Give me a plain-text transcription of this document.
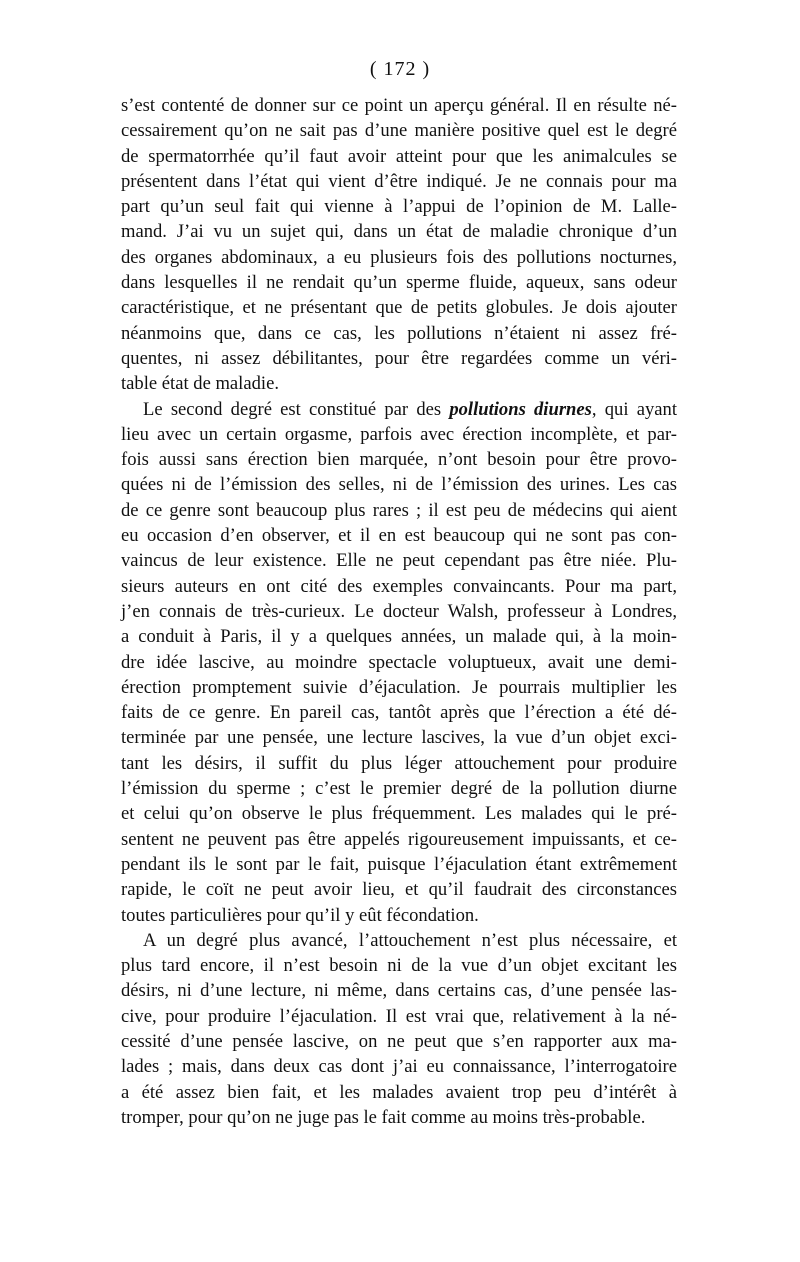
( 172 )
s’est contenté de donner sur ce point un aperçu général. Il en résulte né-
cessairement qu’on ne sait pas d’une manière positive quel est le degré
de spermatorrhée qu’il faut avoir atteint pour que les animalcules se
présentent dans l’état qui vient d’être indiqué. Je ne connais pour ma
part qu’un seul fait qui vienne à l’appui de l’opinion de M. Lalle-
mand. J’ai vu un sujet qui, dans un état de maladie chronique d’un
des organes abdominaux, a eu plusieurs fois des pollutions nocturnes,
dans lesquelles il ne rendait qu’un sperme fluide, aqueux, sans odeur
caractéristique, et ne présentant que de petits globules. Je dois ajouter
néanmoins que, dans ce cas, les pollutions n’étaient ni assez fré-
quentes, ni assez débilitantes, pour être regardées comme un véri-
table état de maladie.
Le second degré est constitué par des pollutions diurnes, qui ayant
lieu avec un certain orgasme, parfois avec érection incomplète, et par-
fois aussi sans érection bien marquée, n’ont besoin pour être provo-
quées ni de l’émission des selles, ni de l’émission des urines. Les cas
de ce genre sont beaucoup plus rares ; il est peu de médecins qui aient
eu occasion d’en observer, et il en est beaucoup qui ne sont pas con-
vaincus de leur existence. Elle ne peut cependant pas être niée. Plu-
sieurs auteurs en ont cité des exemples convaincants. Pour ma part,
j’en connais de très-curieux. Le docteur Walsh, professeur à Londres,
a conduit à Paris, il y a quelques années, un malade qui, à la moin-
dre idée lascive, au moindre spectacle voluptueux, avait une demi-
érection promptement suivie d’éjaculation. Je pourrais multiplier les
faits de ce genre. En pareil cas, tantôt après que l’érection a été dé-
terminée par une pensée, une lecture lascives, la vue d’un objet exci-
tant les désirs, il suffit du plus léger attouchement pour produire
l’émission du sperme ; c’est le premier degré de la pollution diurne
et celui qu’on observe le plus fréquemment. Les malades qui le pré-
sentent ne peuvent pas être appelés rigoureusement impuissants, et ce-
pendant ils le sont par le fait, puisque l’éjaculation étant extrêmement
rapide, le coït ne peut avoir lieu, et qu’il faudrait des circonstances
toutes particulières pour qu’il y eût fécondation.
A un degré plus avancé, l’attouchement n’est plus nécessaire, et
plus tard encore, il n’est besoin ni de la vue d’un objet excitant les
désirs, ni d’une lecture, ni même, dans certains cas, d’une pensée las-
cive, pour produire l’éjaculation. Il est vrai que, relativement à la né-
cessité d’une pensée lascive, on ne peut que s’en rapporter aux ma-
lades ; mais, dans deux cas dont j’ai eu connaissance, l’interrogatoire
a été assez bien fait, et les malades avaient trop peu d’intérêt à
tromper, pour qu’on ne juge pas le fait comme au moins très-probable.
